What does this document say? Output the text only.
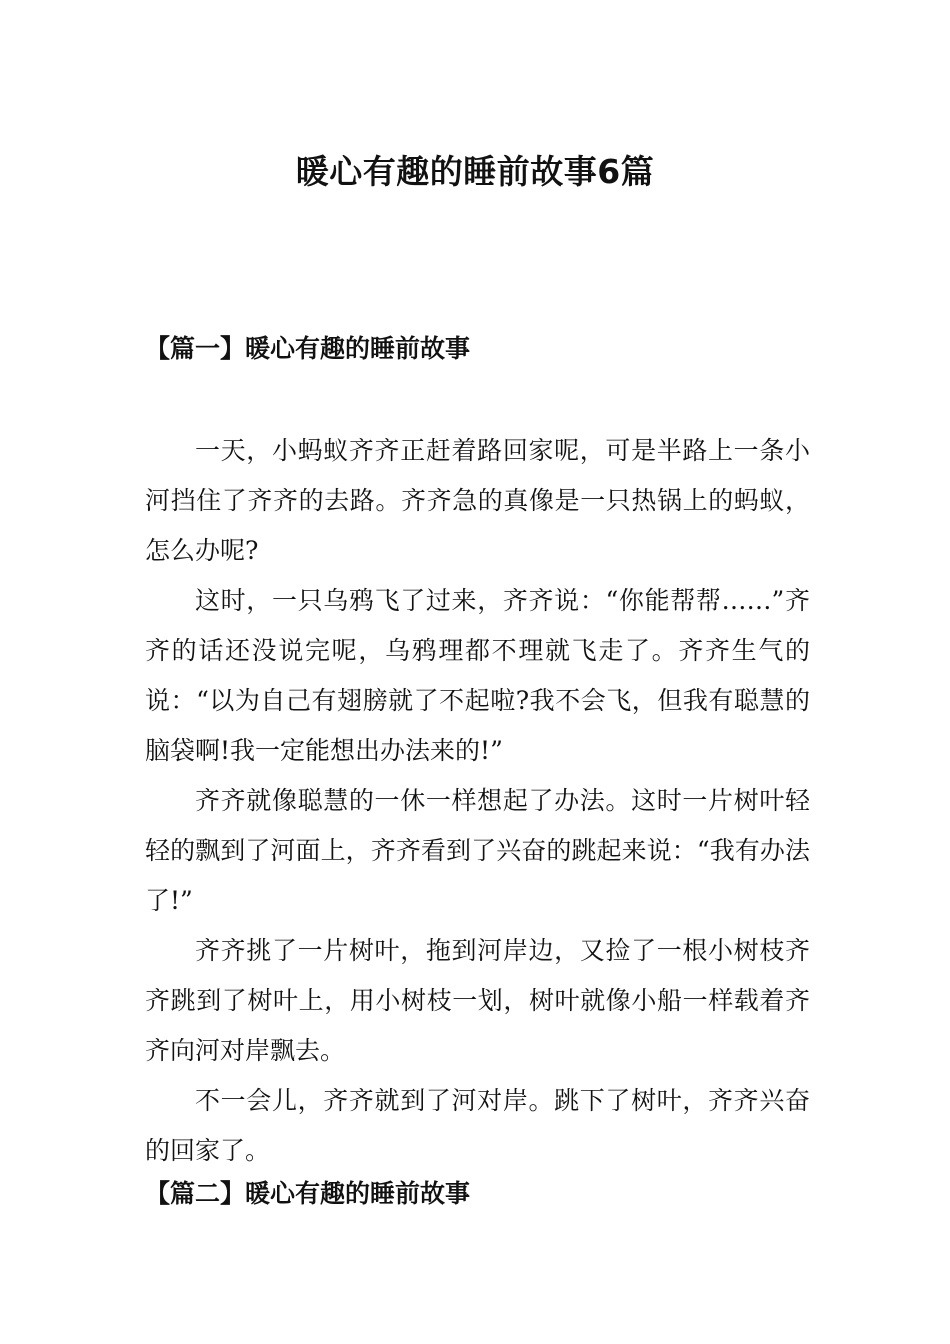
暖心有趣的睡前故事6篇
【篇一】暖心有趣的睡前故事

一天，小蚂蚁齐齐正赶着路回家呢，可是半路上一条小河挡住了齐齐的去路。齐齐急的真像是一只热锅上的蚂蚁，怎么办呢?

这时，一只乌鸦飞了过来，齐齐说：“你能帮帮……”齐齐的话还没说完呢，乌鸦理都不理就飞走了。齐齐生气的说：“以为自己有翅膀就了不起啦?我不会飞，但我有聪慧的脑袋啊!我一定能想出办法来的!”

齐齐就像聪慧的一休一样想起了办法。这时一片树叶轻轻的飘到了河面上，齐齐看到了兴奋的跳起来说：“我有办法了!”

齐齐挑了一片树叶，拖到河岸边，又捡了一根小树枝齐齐跳到了树叶上，用小树枝一划，树叶就像小船一样载着齐齐向河对岸飘去。

不一会儿，齐齐就到了河对岸。跳下了树叶，齐齐兴奋的回家了。

【篇二】暖心有趣的睡前故事
